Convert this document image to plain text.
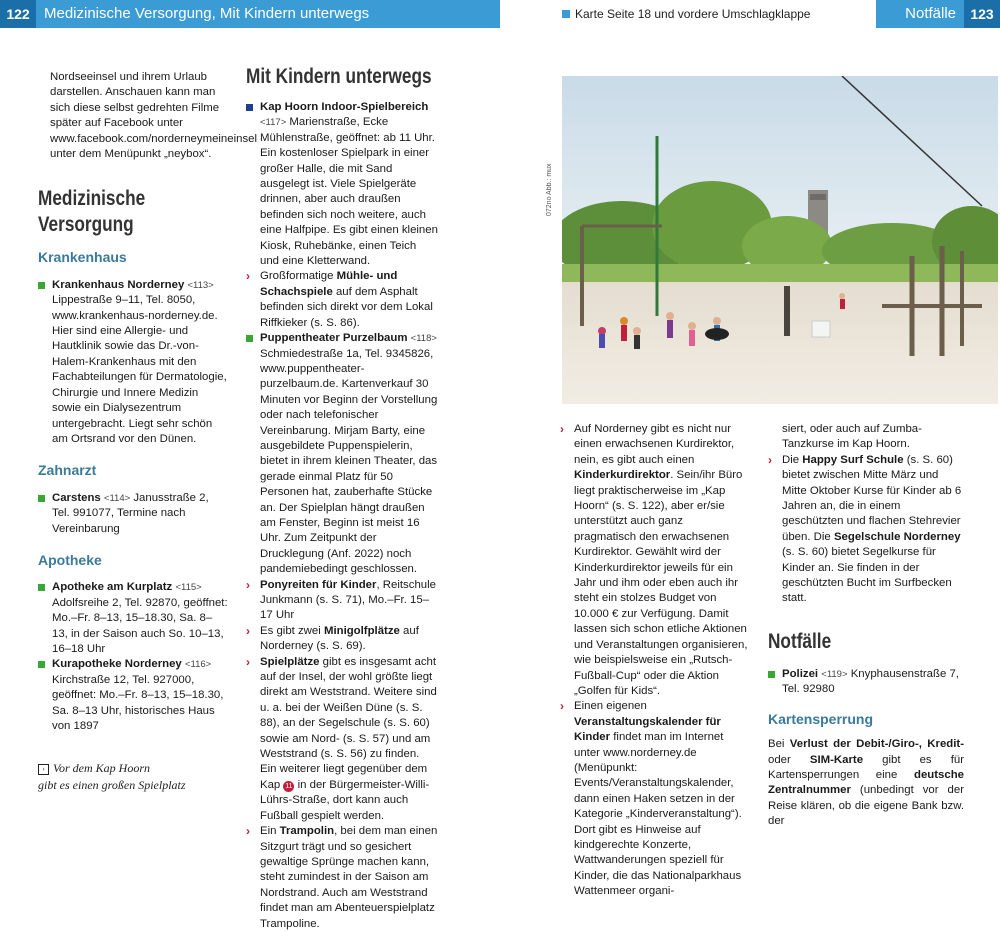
122 Medizinische Versorgung, Mit Kindern unterwegs	Notfälle	123
Karte Seite 18 und vordere Umschlagklappe

Nordseeinsel und ihrem Urlaub darstellen. Anschauen kann man sich diese selbst gedrehten Filme später auf Facebook unter www.facebook.com/norderneymeineinsel unter dem Menüpunkt „neybox“.

Medizinische Versorgung

Krankenhaus

Krankenhaus Norderney <113> Lippestraße 9–11, Tel. 8050, www.krankenhaus-norderney.de. Hier sind eine Allergie- und Hautklinik sowie das Dr.-von-Halem-Krankenhaus mit den Fachabteilungen für Dermatologie, Chirurgie und Innere Medizin sowie ein Dialysezentrum untergebracht. Liegt sehr schön am Ortsrand vor den Dünen.

Zahnarzt

Carstens <114> Janusstraße 2, Tel. 991077, Termine nach Vereinbarung

Apotheke

Apotheke am Kurplatz <115> Adolfsreihe 2, Tel. 92870, geöffnet: Mo.–Fr. 8–13, 15–18.30, Sa. 8–13, in der Saison auch So. 10–13, 16–18 Uhr
Kurapotheke Norderney <116> Kirchstraße 12, Tel. 927000, geöffnet: Mo.–Fr. 8–13, 15–18.30, Sa. 8–13 Uhr, historisches Haus von 1897
› Vor dem Kap Hoorn
gibt es einen großen Spielplatz
Mit Kindern unterwegs
Kap Hoorn Indoor-Spielbereich <117> Marienstraße, Ecke Mühlenstraße, geöffnet: ab 11 Uhr. Ein kostenloser Spielpark in einer großer Halle, die mit Sand ausgelegt ist. Viele Spielgeräte drinnen, aber auch draußen befinden sich noch weitere, auch eine Halfpipe. Es gibt einen kleinen Kiosk, Ruhebänke, einen Teich und eine Kletterwand.
› Großformatige Mühle- und Schachspiele auf dem Asphalt befinden sich direkt vor dem Lokal Riffkieker (s. S. 86).
Puppentheater Purzelbaum <118> Schmiedestraße 1a, Tel. 9345826, www.puppentheater-purzelbaum.de. Kartenverkauf 30 Minuten vor Beginn der Vorstellung oder nach telefonischer Vereinbarung. Mirjam Barty, eine ausgebildete Puppenspielerin, bietet in ihrem kleinen Theater, das gerade einmal Platz für 50 Personen hat, zauberhafte Stücke an. Der Spielplan hängt draußen am Fenster, Beginn ist meist 16 Uhr. Zum Zeitpunkt der Drucklegung (Anf. 2022) noch pandemiebedingt geschlossen.
› Ponyreiten für Kinder, Reitschule Junkmann (s. S. 71), Mo.–Fr. 15–17 Uhr
› Es gibt zwei Minigolfplätze auf Norderney (s. S. 69).
› Spielplätze gibt es insgesamt acht auf der Insel, der wohl größte liegt direkt am Weststrand. Weitere sind u. a. bei der Weißen Düne (s. S. 88), an der Segelschule (s. S. 60) sowie am Nord- (s. S. 57) und am Weststrand (s. S. 56) zu finden. Ein weiterer liegt gegenüber dem Kap 11 in der Bürgermeister-Willi-Lührs-Straße, dort kann auch Fußball gespielt werden.
› Ein Trampolin, bei dem man einen Sitzgurt trägt und so gesichert gewaltige Sprünge machen kann, steht zumindest in der Saison am Nordstrand. Auch am Weststrand findet man am Abenteuerspielplatz Trampoline.
072no Abb.: mux
› Auf Norderney gibt es nicht nur einen erwachsenen Kurdirektor, nein, es gibt auch einen Kinderkurdirektor. Sein/ihr Büro liegt praktischerweise im „Kap Hoorn“ (s. S. 122), aber er/sie unterstützt auch ganz pragmatisch den erwachsenen Kurdirektor. Gewählt wird der Kinderkurdirektor jeweils für ein Jahr und ihm oder eben auch ihr steht ein stolzes Budget von 10.000 € zur Verfügung. Damit lassen sich schon etliche Aktionen und Veranstaltungen organisieren, wie beispielsweise ein „Rutsch-Fußball-Cup“ oder die Aktion „Golfen für Kids“.
› Einen eigenen Veranstaltungskalender für Kinder findet man im Internet unter www.norderney.de (Menüpunkt: Events/Veranstaltungskalender, dann einen Haken setzen in der Kategorie „Kinderveranstaltung“). Dort gibt es Hinweise auf kindgerechte Konzerte, Wattwanderungen speziell für Kinder, die das Nationalparkhaus Wattenmeer organi-

siert, oder auch auf Zumba-Tanzkurse im Kap Hoorn.

› Die Happy Surf Schule (s. S. 60) bietet zwischen Mitte März und Mitte Oktober Kurse für Kinder ab 6 Jahren an, die in einem geschützten und flachen Stehrevier üben. Die Segelschule Norderney (s. S. 60) bietet Segelkurse für Kinder an. Sie finden in der geschützten Bucht im Surfbecken statt.
Notfälle
Polizei <119> Knyphausenstraße 7, Tel. 92980

Kartensperrung

Bei Verlust der Debit-/Giro-, Kredit- oder SIM-Karte gibt es für Kartensperrungen eine deutsche Zentralnummer (unbedingt vor der Reise klären, ob die eigene Bank bzw. der
